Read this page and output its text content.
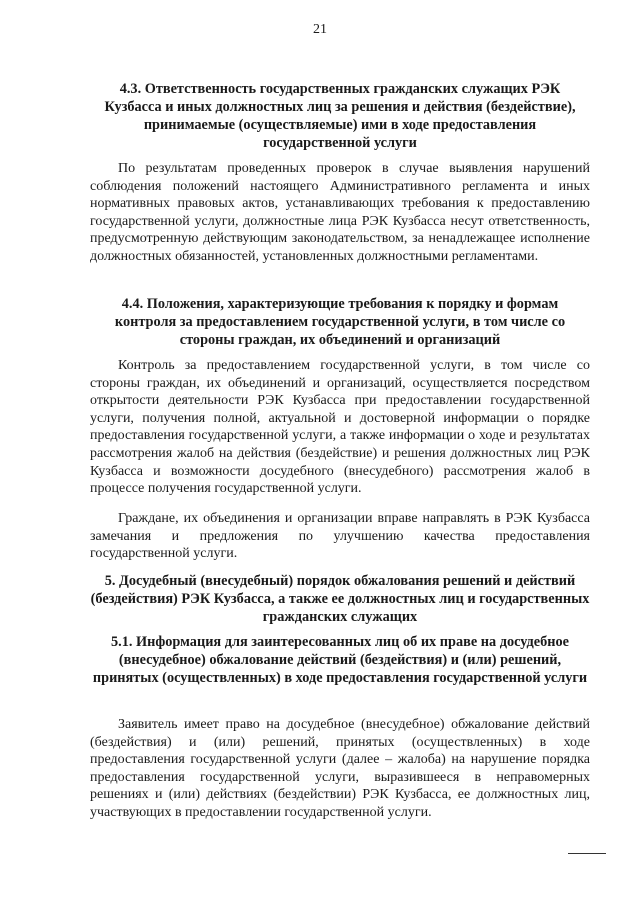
21
4.3. Ответственность государственных гражданских служащих РЭК Кузбасса и иных должностных лиц за решения и действия (бездействие), принимаемые (осуществляемые) ими в ходе предоставления государственной услуги

По результатам проведенных проверок в случае выявления нарушений соблюдения положений настоящего Административного регламента и иных нормативных правовых актов, устанавливающих требования к предоставлению государственной услуги, должностные лица РЭК Кузбасса несут ответственность, предусмотренную действующим законодательством, за ненадлежащее исполнение должностных обязанностей, установленных должностными регламентами.

4.4. Положения, характеризующие требования к порядку и формам контроля за предоставлением государственной услуги, в том числе со стороны граждан, их объединений и организаций

Контроль за предоставлением государственной услуги, в том числе со стороны граждан, их объединений и организаций, осуществляется посредством открытости деятельности РЭК Кузбасса при предоставлении государственной услуги, получения полной, актуальной и достоверной информации о порядке предоставления государственной услуги, а также информации о ходе и результатах рассмотрения жалоб на действия (бездействие) и решения должностных лиц РЭК Кузбасса и возможности досудебного (внесудебного) рассмотрения жалоб в процессе получения государственной услуги.

Граждане, их объединения и организации вправе направлять в РЭК Кузбасса замечания и предложения по улучшению качества предоставления государственной услуги.

5. Досудебный (внесудебный) порядок обжалования решений и действий (бездействия) РЭК Кузбасса, а также ее должностных лиц и государственных гражданских служащих
5.1. Информация для заинтересованных лиц об их праве на досудебное (внесудебное) обжалование действий (бездействия) и (или) решений, принятых (осуществленных) в ходе предоставления государственной услуги

Заявитель имеет право на досудебное (внесудебное) обжалование действий (бездействия) и (или) решений, принятых (осуществленных) в ходе предоставления государственной услуги (далее – жалоба) на нарушение порядка предоставления государственной услуги, выразившееся в неправомерных решениях и (или) действиях (бездействии) РЭК Кузбасса, ее должностных лиц, участвующих в предоставлении государственной услуги.
